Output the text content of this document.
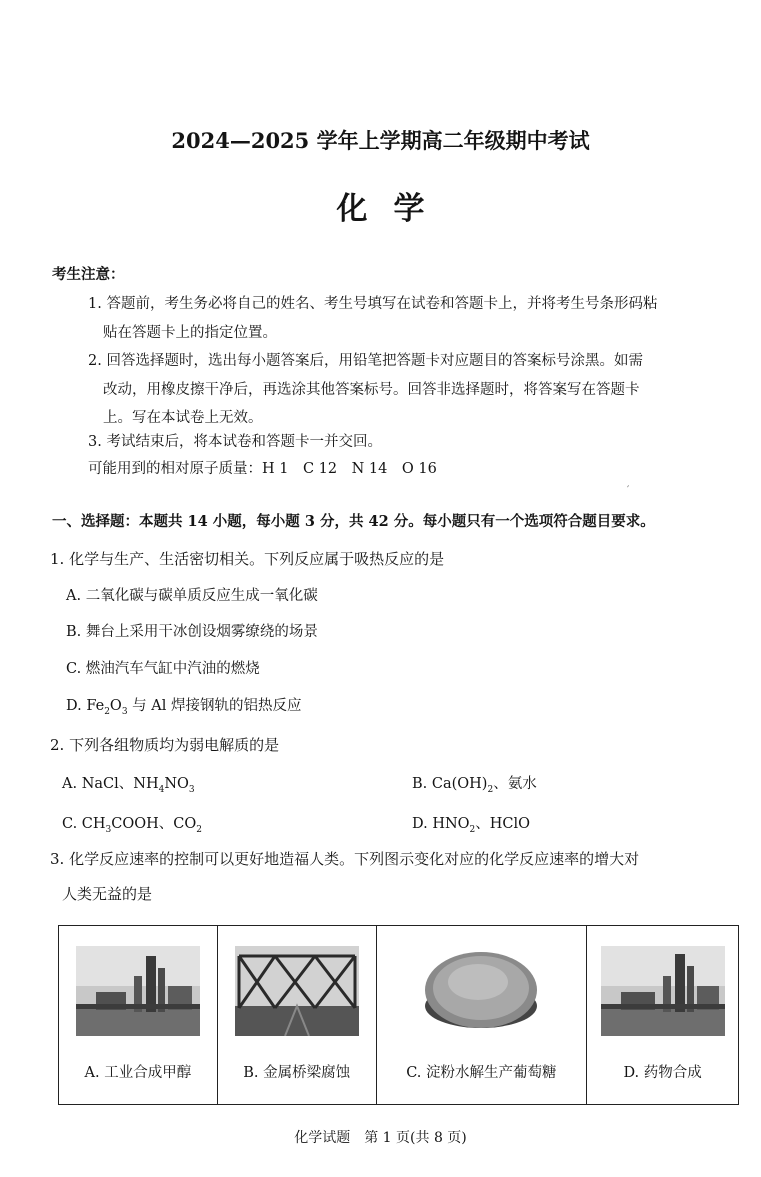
2024—2025 学年上学期高二年级期中考试
化学
考生注意：
1. 答题前，考生务必将自己的姓名、考生号填写在试卷和答题卡上，并将考生号条形码粘
贴在答题卡上的指定位置。
2. 回答选择题时，选出每小题答案后，用铅笔把答题卡对应题目的答案标号涂黑。如需
改动，用橡皮擦干净后，再选涂其他答案标号。回答非选择题时，将答案写在答题卡
上。写在本试卷上无效。
3. 考试结束后，将本试卷和答题卡一并交回。
可能用到的相对原子质量：H 1　C 12　N 14　O 16
′
一、选择题：本题共 14 小题，每小题 3 分，共 42 分。每小题只有一个选项符合题目要求。
1. 化学与生产、生活密切相关。下列反应属于吸热反应的是
A. 二氧化碳与碳单质反应生成一氧化碳
B. 舞台上采用干冰创设烟雾缭绕的场景
C. 燃油汽车气缸中汽油的燃烧
D. $Fe_2O_3$ 与 Al 焊接钢轨的铝热反应
2. 下列各组物质均为弱电解质的是
A. NaCl、$NH_4NO_3$	B. $Ca(OH)_2$、氨水
C. $CH_3COOH$、$CO_2$	D. $HNO_2$、HClO
3. 化学反应速率的控制可以更好地造福人类。下列图示变化对应的化学反应速率的增大对
人类无益的是
A. 工业合成甲醇	B. 金属桥梁腐蚀	C. 淀粉水解生产葡萄糖	D. 药物合成
化学试题　第 1 页(共 8 页)
